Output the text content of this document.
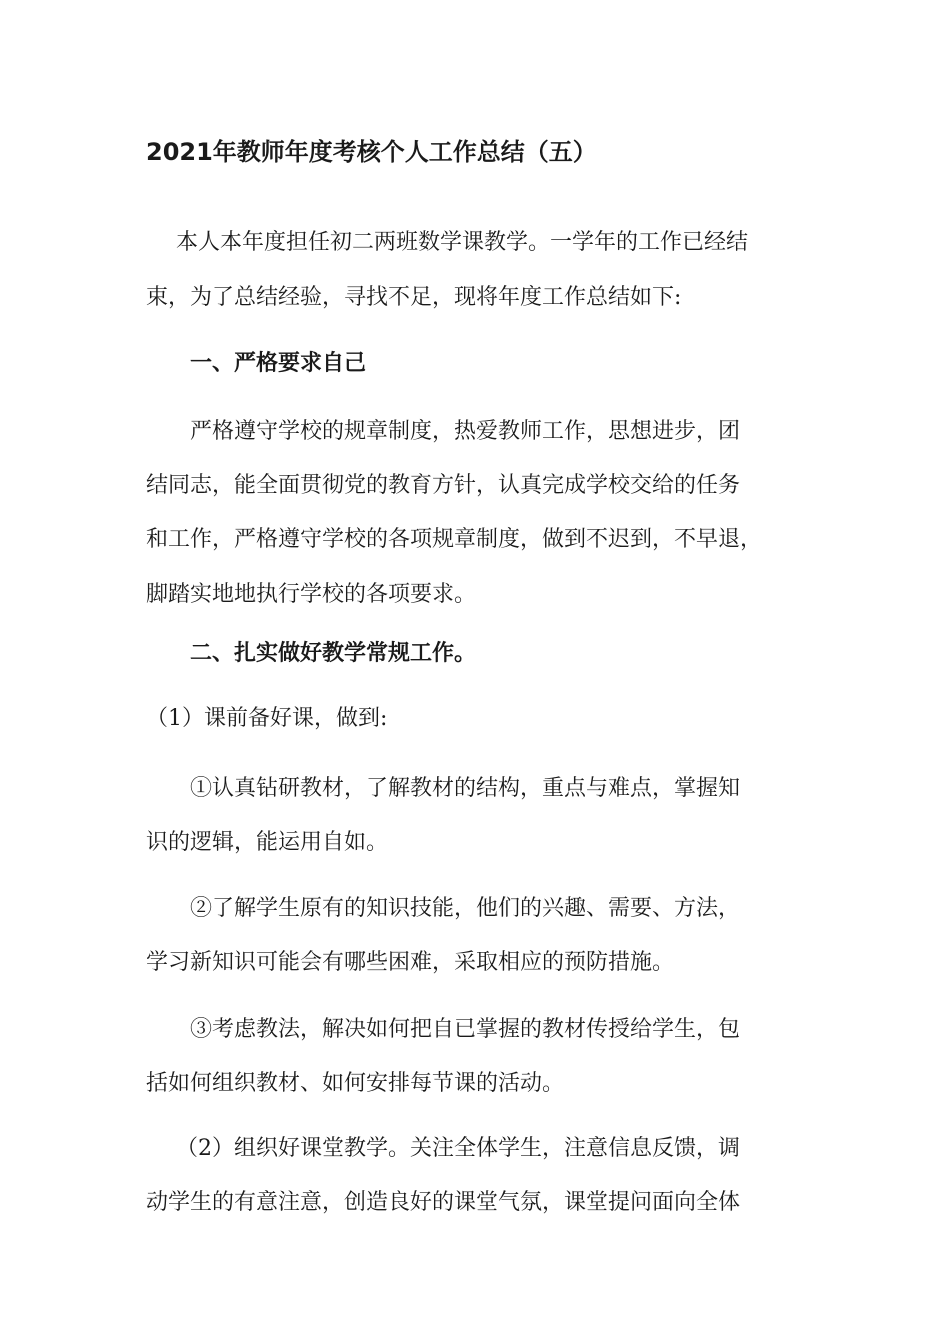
2021年教师年度考核个人工作总结（五）

本人本年度担任初二两班数学课教学。一学年的工作已经结

束，为了总结经验，寻找不足，现将年度工作总结如下:

一、严格要求自己

严格遵守学校的规章制度，热爱教师工作，思想进步，团

结同志，能全面贯彻党的教育方针，认真完成学校交给的任务

和工作，严格遵守学校的各项规章制度，做到不迟到，不早退，

脚踏实地地执行学校的各项要求。

二、扎实做好教学常规工作。

（1）课前备好课，做到:

①认真钻研教材，了解教材的结构，重点与难点，掌握知

识的逻辑，能运用自如。

②了解学生原有的知识技能，他们的兴趣、需要、方法，

学习新知识可能会有哪些困难，采取相应的预防措施。

③考虑教法，解决如何把自已掌握的教材传授给学生，包

括如何组织教材、如何安排每节课的活动。

（2）组织好课堂教学。关注全体学生，注意信息反馈，调

动学生的有意注意，创造良好的课堂气氛，课堂提问面向全体
